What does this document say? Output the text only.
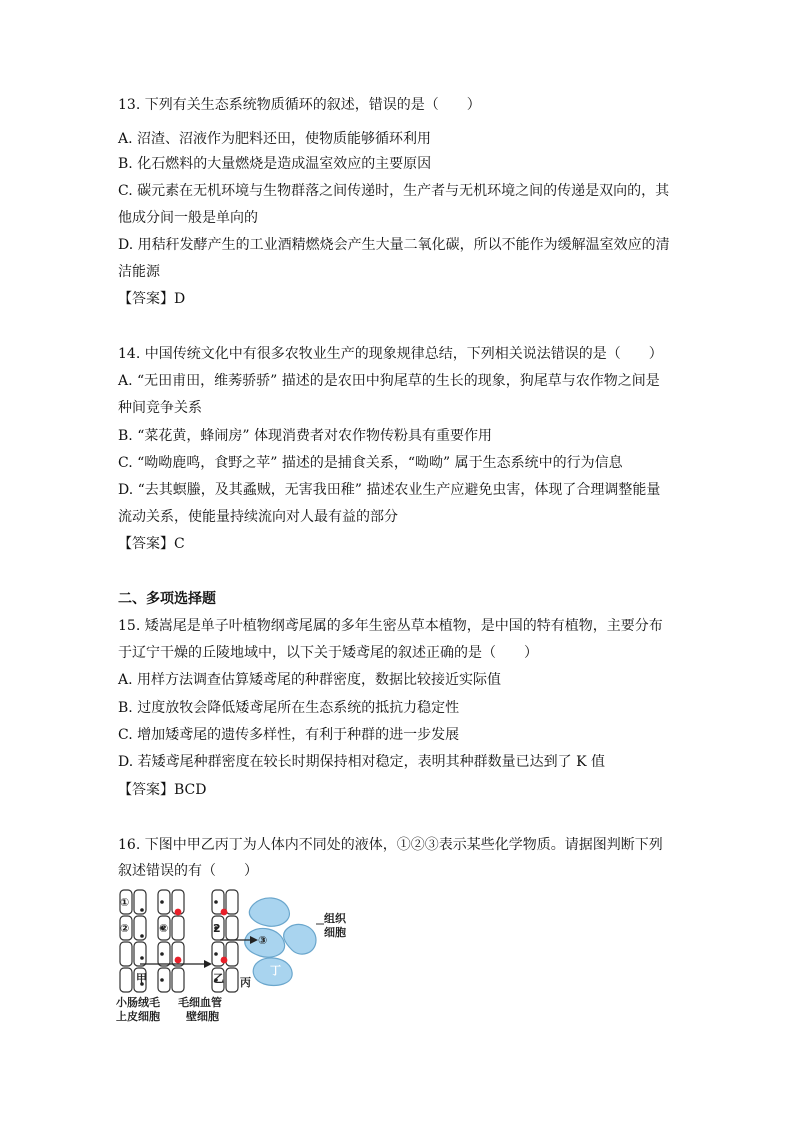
13. 下列有关生态系统物质循环的叙述，错误的是（　　）
A. 沼渣、沼液作为肥料还田，使物质能够循环利用
B. 化石燃料的大量燃烧是造成温室效应的主要原因
C. 碳元素在无机环境与生物群落之间传递时，生产者与无机环境之间的传递是双向的，其
他成分间一般是单向的
D. 用秸秆发酵产生的工业酒精燃烧会产生大量二氧化碳，所以不能作为缓解温室效应的清
洁能源
【答案】D
14. 中国传统文化中有很多农牧业生产的现象规律总结，下列相关说法错误的是（　　）
A. “无田甫田，维莠骄骄” 描述的是农田中狗尾草的生长的现象，狗尾草与农作物之间是
种间竞争关系
B. “菜花黄，蜂闹房” 体现消费者对农作物传粉具有重要作用
C. “呦呦鹿鸣，食野之苹” 描述的是捕食关系，“呦呦” 属于生态系统中的行为信息
D. “去其螟螣，及其蟊贼，无害我田稚” 描述农业生产应避免虫害，体现了合理调整能量
流动关系，使能量持续流向对人最有益的部分
【答案】C
二、多项选择题
15. 矮嵩尾是单子叶植物纲鸢尾属的多年生密丛草本植物，是中国的特有植物，主要分布
于辽宁干燥的丘陵地域中，以下关于矮鸢尾的叙述正确的是（　　）
A. 用样方法调查估算矮鸢尾的种群密度，数据比较接近实际值
B. 过度放牧会降低矮鸢尾所在生态系统的抵抗力稳定性
C. 增加矮鸢尾的遗传多样性，有利于种群的进一步发展
D. 若矮鸢尾种群密度在较长时期保持相对稳定，表明其种群数量已达到了 K 值
【答案】BCD
16. 下图中甲乙丙丁为人体内不同处的液体，①②③表示某些化学物质。请据图判断下列
叙述错误的有（　　）
①
②	②	2
③
甲	乙 丙
丁
组织
细胞
小肠绒毛
上皮细胞
毛细血管
壁细胞
